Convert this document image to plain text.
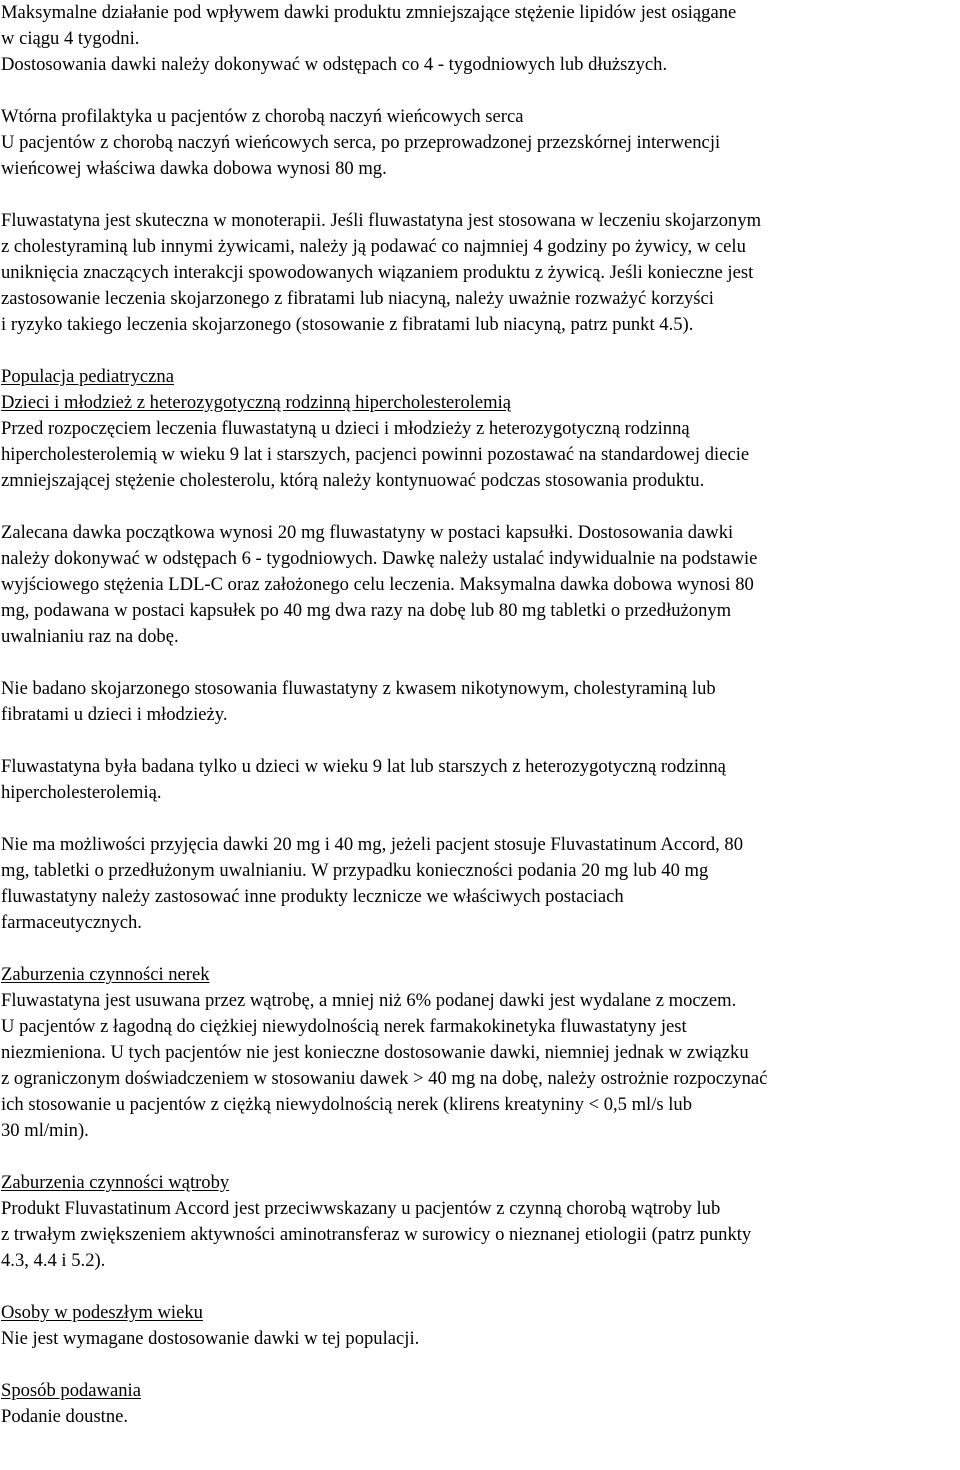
Maksymalne działanie pod wpływem dawki produktu zmniejszające stężenie lipidów jest osiągane
w ciągu 4 tygodni.
Dostosowania dawki należy dokonywać w odstępach co 4 - tygodniowych lub dłuższych.

Wtórna profilaktyka u pacjentów z chorobą naczyń wieńcowych serca
U pacjentów z chorobą naczyń wieńcowych serca, po przeprowadzonej przezskórnej interwencji
wieńcowej właściwa dawka dobowa wynosi 80 mg.

Fluwastatyna jest skuteczna w monoterapii. Jeśli fluwastatyna jest stosowana w leczeniu skojarzonym
z cholestyraminą lub innymi żywicami, należy ją podawać co najmniej 4 godziny po żywicy, w celu
uniknięcia znaczących interakcji spowodowanych wiązaniem produktu z żywicą. Jeśli konieczne jest
zastosowanie leczenia skojarzonego z fibratami lub niacyną, należy uważnie rozważyć korzyści
i ryzyko takiego leczenia skojarzonego (stosowanie z fibratami lub niacyną, patrz punkt 4.5).

Populacja pediatryczna
Dzieci i młodzież z heterozygotyczną rodzinną hipercholesterolemią
Przed rozpoczęciem leczenia fluwastatyną u dzieci i młodzieży z heterozygotyczną rodzinną
hipercholesterolemią w wieku 9 lat i starszych, pacjenci powinni pozostawać na standardowej diecie
zmniejszającej stężenie cholesterolu, którą należy kontynuować podczas stosowania produktu.

Zalecana dawka początkowa wynosi 20 mg fluwastatyny w postaci kapsułki. Dostosowania dawki
należy dokonywać w odstępach 6 - tygodniowych. Dawkę należy ustalać indywidualnie na podstawie
wyjściowego stężenia LDL-C oraz założonego celu leczenia. Maksymalna dawka dobowa wynosi 80
mg, podawana w postaci kapsułek po 40 mg dwa razy na dobę lub 80 mg tabletki o przedłużonym
uwalnianiu raz na dobę.

Nie badano skojarzonego stosowania fluwastatyny z kwasem nikotynowym, cholestyraminą lub
fibratami u dzieci i młodzieży.

Fluwastatyna była badana tylko u dzieci w wieku 9 lat lub starszych z heterozygotyczną rodzinną
hipercholesterolemią.

Nie ma możliwości przyjęcia dawki 20 mg i 40 mg, jeżeli pacjent stosuje Fluvastatinum Accord, 80
mg, tabletki o przedłużonym uwalnianiu. W przypadku konieczności podania 20 mg lub 40 mg
fluwastatyny należy zastosować inne produkty lecznicze we właściwych postaciach
farmaceutycznych.

Zaburzenia czynności nerek
Fluwastatyna jest usuwana przez wątrobę, a mniej niż 6% podanej dawki jest wydalane z moczem.
U pacjentów z łagodną do ciężkiej niewydolnością nerek farmakokinetyka fluwastatyny jest
niezmieniona. U tych pacjentów nie jest konieczne dostosowanie dawki, niemniej jednak w związku
z ograniczonym doświadczeniem w stosowaniu dawek > 40 mg na dobę, należy ostrożnie rozpoczynać
ich stosowanie u pacjentów z ciężką niewydolnością nerek (klirens kreatyniny < 0,5 ml/s lub
30 ml/min).

Zaburzenia czynności wątroby
Produkt Fluvastatinum Accord jest przeciwwskazany u pacjentów z czynną chorobą wątroby lub
z trwałym zwiększeniem aktywności aminotransferaz w surowicy o nieznanej etiologii (patrz punkty
4.3, 4.4 i 5.2).

Osoby w podeszłym wieku
Nie jest wymagane dostosowanie dawki w tej populacji.

Sposób podawania
Podanie doustne.
